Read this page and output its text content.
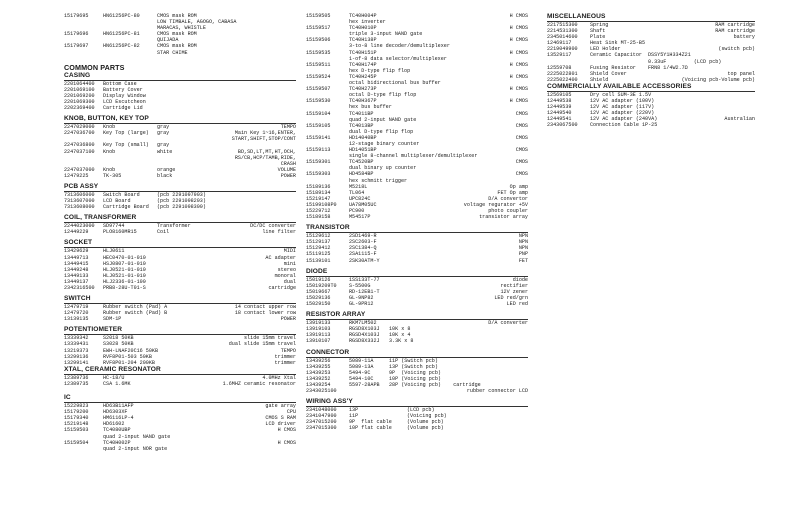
15179695	HN61256PC-80	CMOS mask ROM
LOW TIMBALE, AGOGO, CABASA
MARACAS, WHISTLE
15179696	HN61256PC-81	CMOS mask ROM
QUIJADA
15179697	HN61256PC-82	CMOS mask ROM
STAR CHIME
COMMON PARTS
CASING
2201064400	Bottom Case
2201069100	Battery Cover
2201069200	Display Window
2201069300	LCD Escutcheon
2202369400	Cartridge Lid
KNOB, BUTTON, KEY TOP
2247029000	Knob	gray	TEMPO
2247036700	Key Top (large)	gray	Main Key 1~16,ENTER,
START,SHIFT,STOP/CONT
2247036800	Key Top (small)	gray
2247037100	Knob	white	BD,SD,LT,MT,HT,OCH,
RS/CB,HCP/TAMB,RIDE,
CRASH
2247037000	Knob	orange	VOLUME
12479225	TK-305	black	POWER
PCB ASSY
7313606000	Switch Board	(pcb 2291097903)
7313607000	LCD Board	(pcb 2291098203)
7313608000	Cartridge Board	(pcb 2291098300)
COIL, TRANSFORMER
2244023000	SD97744	Transformer	DC/DC converter
12449229	PLO8160MR15	Coil	line filter
SOCKET
13429629	HLJ0611	MIDI
13449713	HEC0470-01-010	AC adapter
13449415	HSJ0807-01-010	mini
13449248	HLJ0521-01-010	stereo
13449133	HLJ0521-01-010	monoral
13449137	HLJ2336-01-100	dual
2342316500	PRB8-28U-T01-S	cartridge
SWITCH
12479719	Rubber switch (Pad) A	14 contact upper row
12479720	Rubber switch (Pad) B	18 contact lower row
13139135	SDM-1P	POWER
POTENTIOMETER
13339342	S2018 50KB	slide 15mm travel
13339431	S3028 50KB	dual slide 15mm travel
13219373	EWH-LNAF20C16 50KB	TEMPO
13299136	RVF8P01-503 50KB	trimmer
13299141	RVF8P01-204 200KB	trimmer
XTAL, CERAMIC RESONATOR
12389736	HC-18/U	4.0MHz Xtal
12389735	CSA 1.6MK	1.6MHZ ceramic resonator
IC
15229823	HD63B11AFP	gate array
15179200	HD6303XF	CPU
15179340	HM6116LP-4	CMOS S RAM
15219148	HD61602	LCD driver
15159503	TC4080UBP	H CMOS
quad 2-input NAND gate
15159504	TC40H002P	H CMOS
quad 2-input NOR gate
15159505	TC40H004P	H CMOS
hex inverter
15159517	TC40H010P	H CMOS
triple 3-input NAND gate
15159506	TC40H138P	H CMOS
3-to-8 line decoder/demultiplexer
15159535	TC40H151P	H CMOS
1-of-8 data selector/multiplexer
15159511	TC40H174P	H CMOS
hex D-type flip flop
15159524	TC40H245P	H CMOS
octal bidirectional bus buffer
15159507	TC40H273P	H CMOS
octal D-type flip flop
15159530	TC40H367P	H CMOS
hex bus buffer
15159104	TC4011BP	CMOS
quad 2-input NAND gate
15159105	TC4013BP	CMOS
dual D-type flip flop
15159141	HD14040BP	CMOS
12-stage binary counter
15159113	HD14051BP	CMOS
single 8-channel multiplexer/demultiplexer
15159301	TC4520BP	CMOS
dual binary up counter
15159303	HD4584BP	CMOS
hex schmitt trigger
15189136	M5218L	Op amp
15189134	TL064	FET Op amp
15219147	UPC824C	D/A convertor
15199108P0	UA78M05UC	voltage regurator +5V
15229712	PC900	photo coupler
15189158	M54517P	transistor array
TRANSISTOR
15129612	2SD1469-R	NPN
15129137	2SC2603-F	NPN
15129412	2SC1384-Q	NPN
15119125	2SA1115-F	PNP
15139101	2SK30ATM-Y	FET
DIODE
15019126	1SS133T-77	diode
15019209T0	S-5500G	rectifier
15019667	RD-12EB1-T	12V zener
15029136	GL-9NP82	LED red/grn
15029150	GL-9PR12	LED red
RESISTOR ARRAY
13919133	RKM7LM502	D/A converter
13919103	RGSD8X103J	10K x 8
13919113	RGSD4X103J	10K x 4
13910107	RGSD8X332J	3.3K x 8
CONNECTOR
13439256	5089-11A	11P (Switch pcb)
13439255	5089-13A	13P (Switch pcb)
13439253	5494-9C	9P  (Voicing pcb)
13439252	5494-10C	10P (Voicing pcb)
13439254	5597-28APB	28P (Voicing pcb)    cartridge
2343025100	rubber connector LCD
WIRING ASS'Y
2341048000	13P	(LCD pcb)
2341047900	11P	(Voicing pcb)
2347015200	9P  flat cable	(Volume pcb)
2347015300	10P flat cable	(Volume pcb)
MISCELLANEOUS
2217515300	Spring	RAM cartridge
2214531300	Shaft	RAM cartridge
2345014600	Plate	battery
12469117	Heat Sink MT-25-B5
2219049900	LED Holder	(switch pcb)
13529117	Ceramic Capacitor	DSSY5Y1H334Z21
0.33uF         (LCD pcb)
12559708	Fusing Resistor	FRN8 1/4W2.7Ω
2225022801	Shield Cover	top panel
2225022400	Shield	(Voicing pcb-Volume pcb)
COMMERCIALLY AVAILABLE ACCESSORIES
12569105	Dry cell SUM-3E 1.5V
12449538	12V AC adapter (100V)
12449539	12V AC adapter (117V)
12449540	12V AC adapter (220V)
12449541	12V AC adapter (240VA)	Australian
2343067500	Connection Cable 1P-25
